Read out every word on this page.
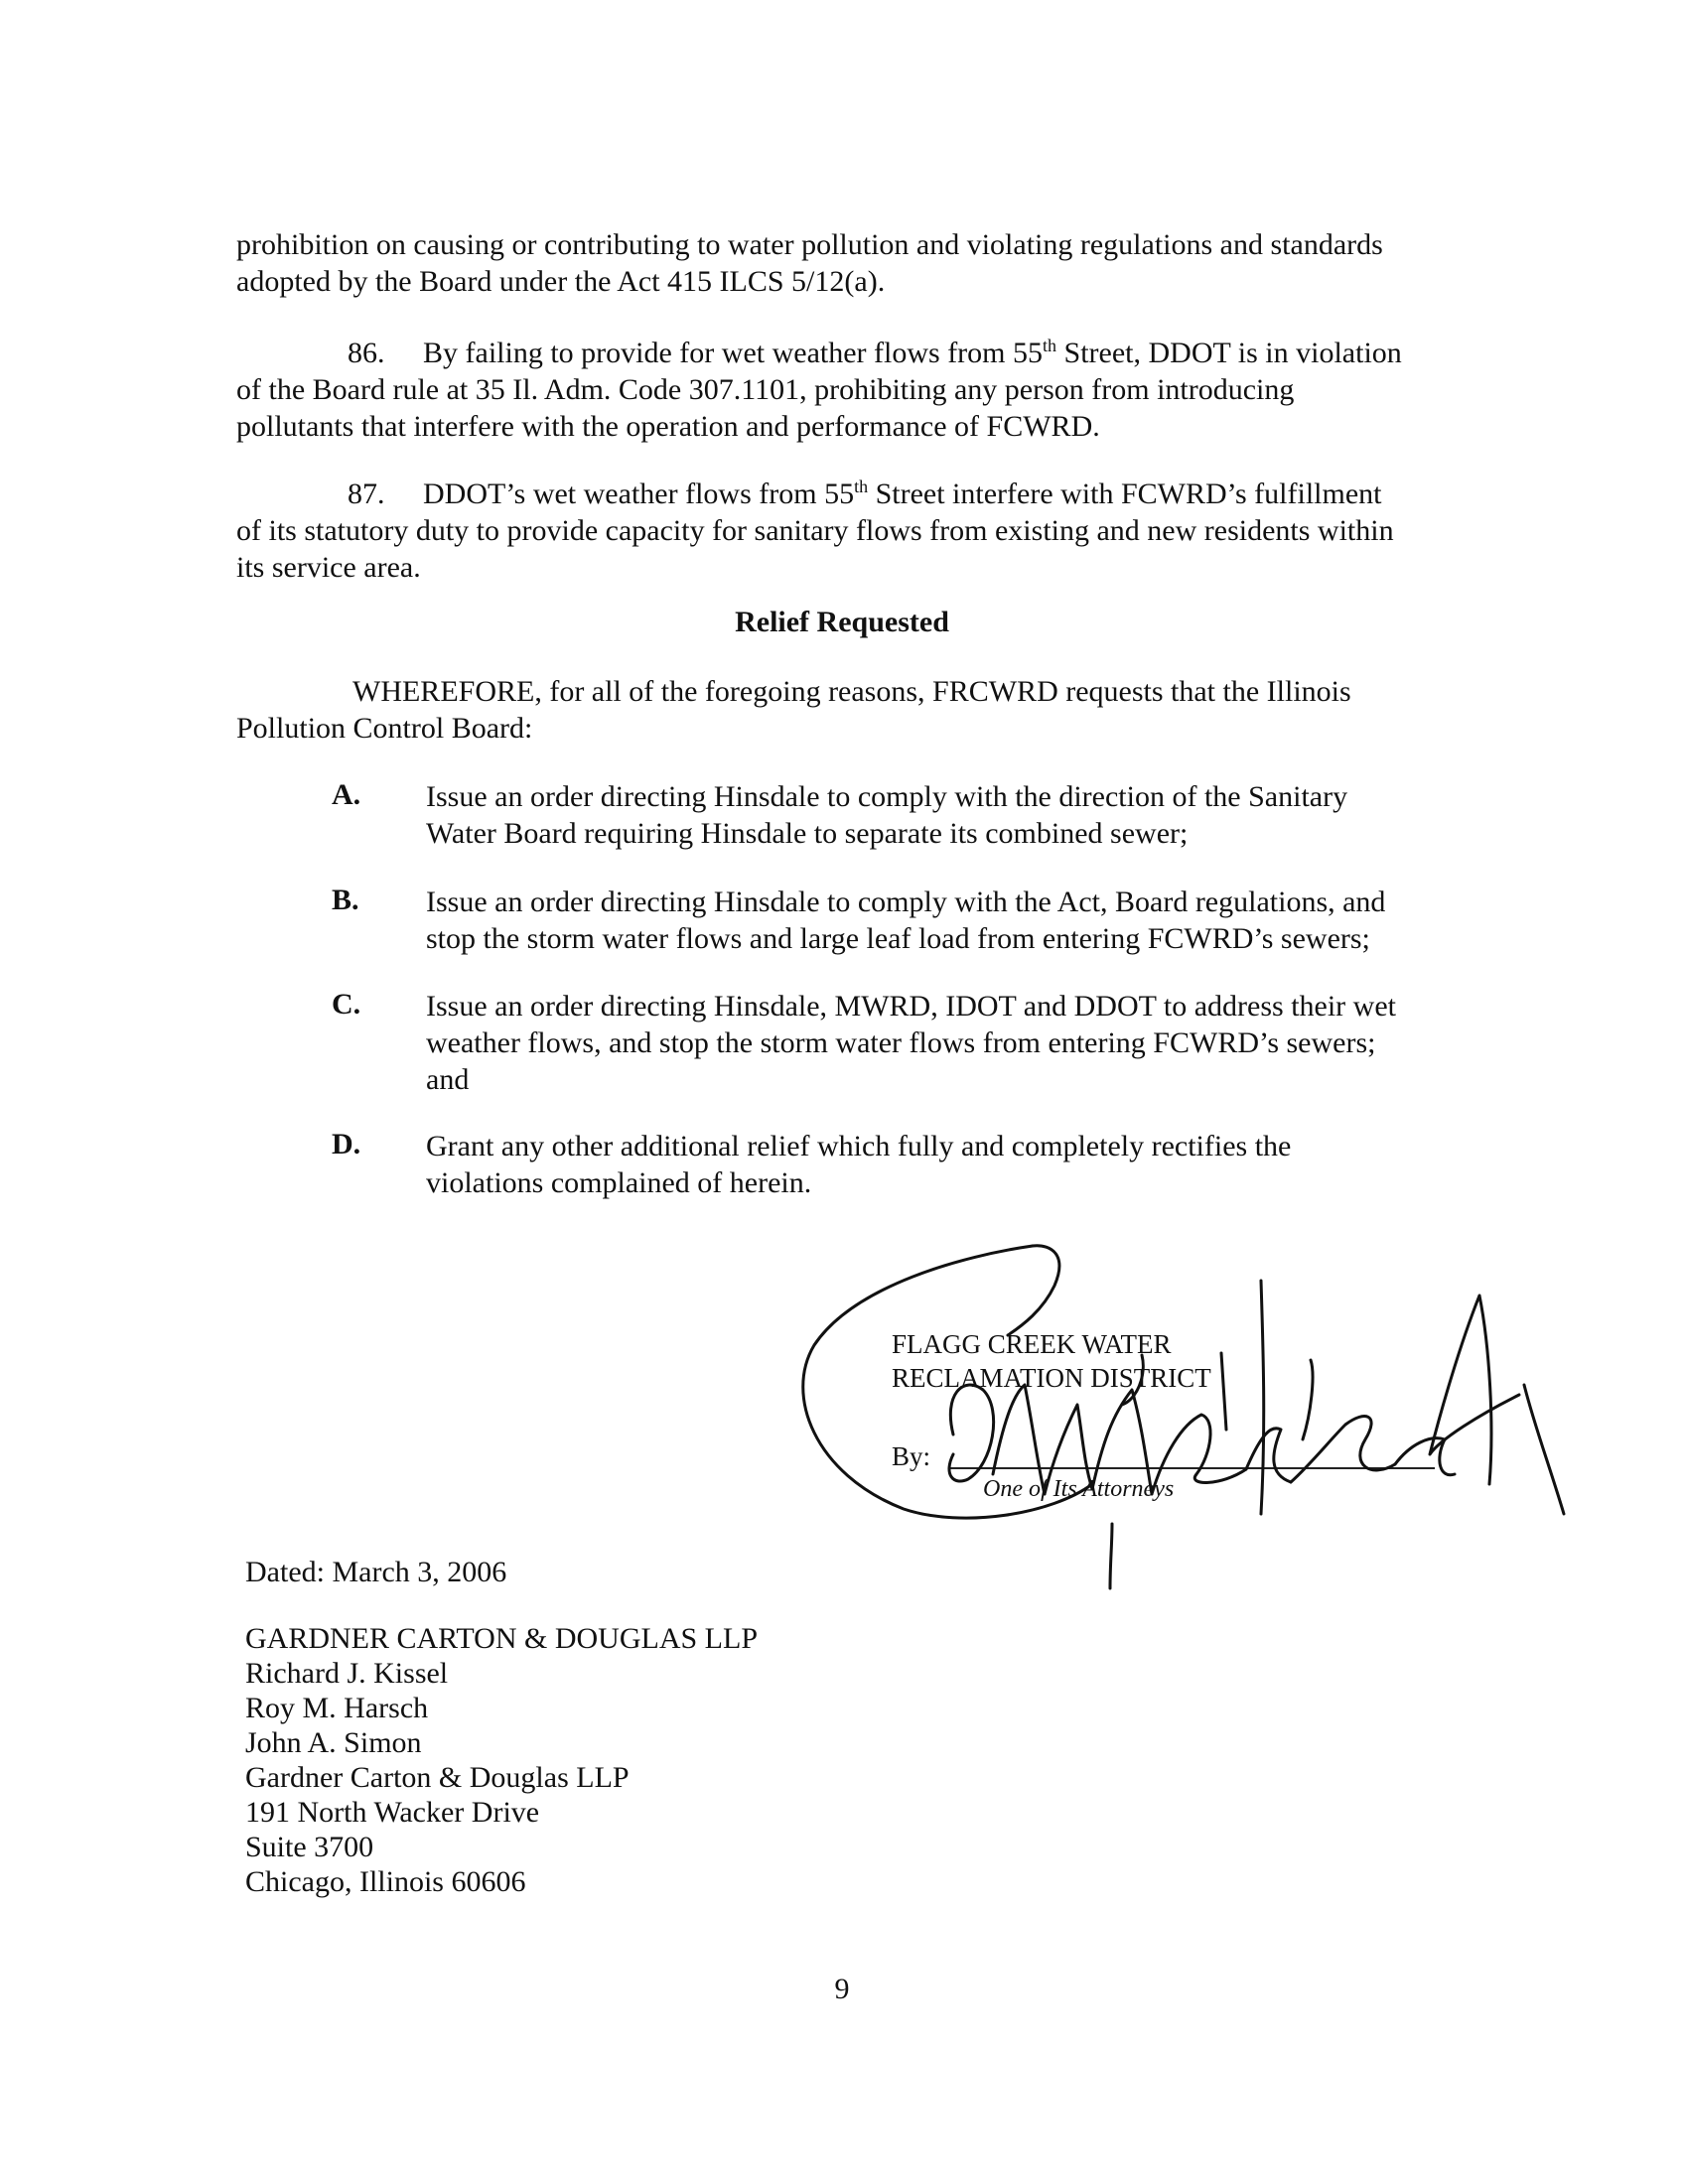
prohibition on causing or contributing to water pollution and violating regulations and standards adopted by the Board under the Act 415 ILCS 5/12(a).
86. By failing to provide for wet weather flows from 55th Street, DDOT is in violation
of the Board rule at 35 Il. Adm. Code 307.1101, prohibiting any person from introducing
pollutants that interfere with the operation and performance of FCWRD.
87. DDOT’s wet weather flows from 55th Street interfere with FCWRD’s fulfillment
of its statutory duty to provide capacity for sanitary flows from existing and new residents within
its service area.
Relief Requested
WHEREFORE, for all of the foregoing reasons, FRCWRD requests that the Illinois
Pollution Control Board:
A.	Issue an order directing Hinsdale to comply with the direction of the Sanitary
Water Board requiring Hinsdale to separate its combined sewer;
B.	Issue an order directing Hinsdale to comply with the Act, Board regulations, and
stop the storm water flows and large leaf load from entering FCWRD’s sewers;
C.	Issue an order directing Hinsdale, MWRD, IDOT and DDOT to address their wet
weather flows, and stop the storm water flows from entering FCWRD’s sewers;
and
D.	Grant any other additional relief which fully and completely rectifies the
violations complained of herein.
FLAGG CREEK WATER
RECLAMATION DISTRICT
By:
One of Its Attorneys
Dated: March 3, 2006
GARDNER CARTON & DOUGLAS LLP
Richard J. Kissel
Roy M. Harsch
John A. Simon
Gardner Carton & Douglas LLP
191 North Wacker Drive
Suite 3700
Chicago, Illinois 60606
9
